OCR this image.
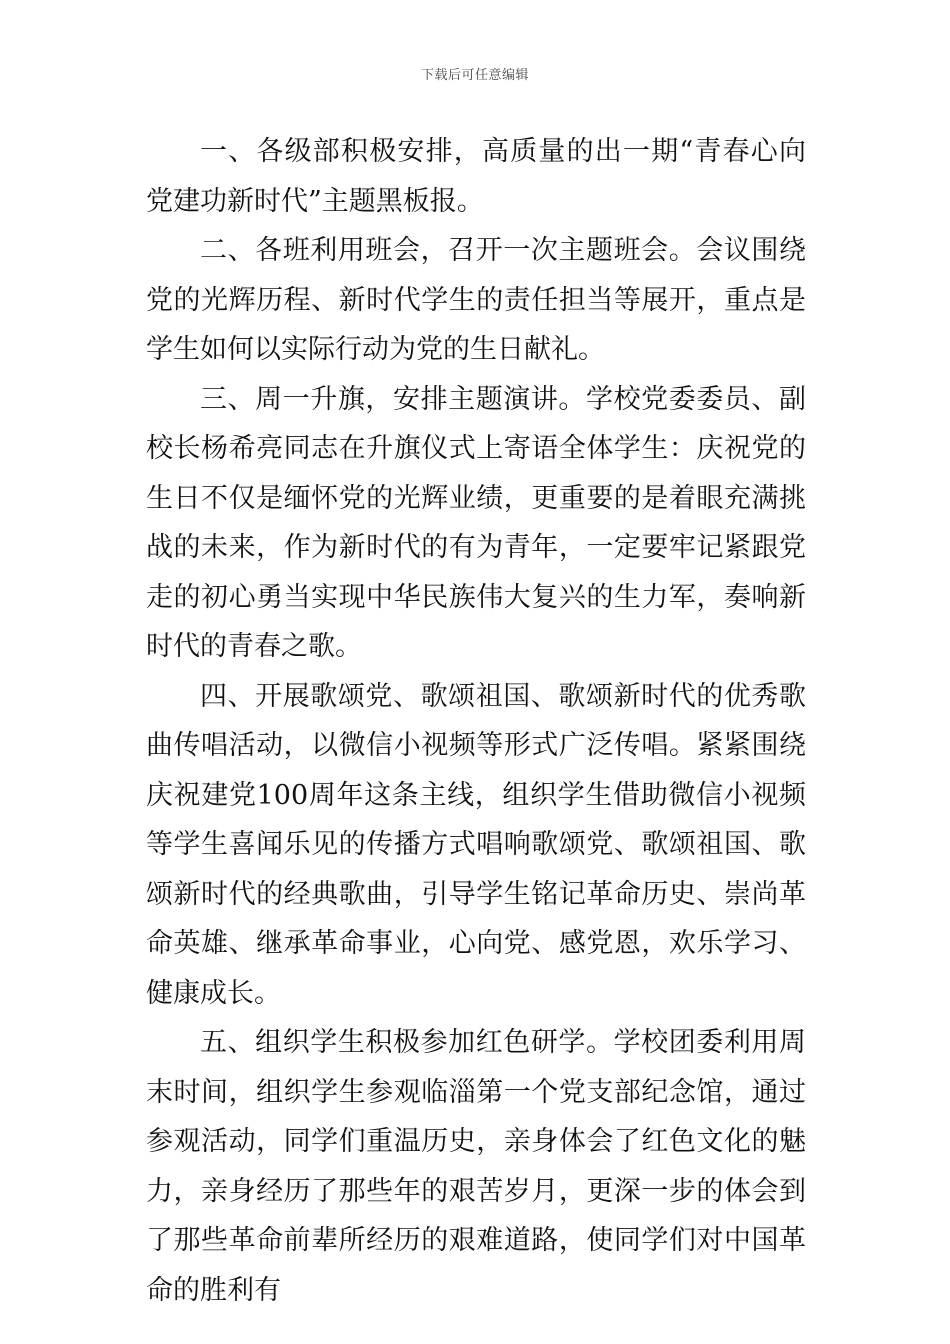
下载后可任意编辑

一、各级部积极安排，高质量的出一期“青春心向党建功新时代”主题黑板报。

二、各班利用班会，召开一次主题班会。会议围绕党的光辉历程、新时代学生的责任担当等展开，重点是学生如何以实际行动为党的生日献礼。

三、周一升旗，安排主题演讲。学校党委委员、副校长杨希亮同志在升旗仪式上寄语全体学生：庆祝党的生日不仅是缅怀党的光辉业绩，更重要的是着眼充满挑战的未来，作为新时代的有为青年，一定要牢记紧跟党走的初心勇当实现中华民族伟大复兴的生力军，奏响新时代的青春之歌。

四、开展歌颂党、歌颂祖国、歌颂新时代的优秀歌曲传唱活动，以微信小视频等形式广泛传唱。紧紧围绕庆祝建党100周年这条主线，组织学生借助微信小视频等学生喜闻乐见的传播方式唱响歌颂党、歌颂祖国、歌颂新时代的经典歌曲，引导学生铭记革命历史、崇尚革命英雄、继承革命事业，心向党、感党恩，欢乐学习、健康成长。

五、组织学生积极参加红色研学。学校团委利用周末时间，组织学生参观临淄第一个党支部纪念馆，通过参观活动，同学们重温历史，亲身体会了红色文化的魅力，亲身经历了那些年的艰苦岁月，更深一步的体会到了那些革命前辈所经历的艰难道路，使同学们对中国革命的胜利有
